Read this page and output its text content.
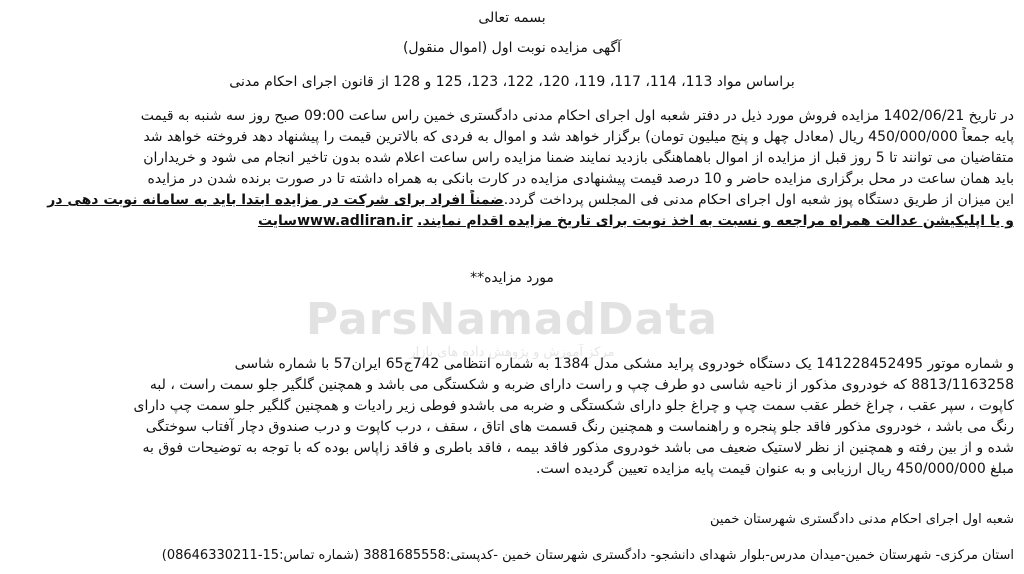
بسمه تعالی
آگهی مزایده نوبت اول (اموال منقول)
براساس مواد 113، 114، 117، 119، 120، 122، 123، 125 و 128 از قانون اجرای احکام مدنی
در تاریخ 1402/06/21 مزایده فروش مورد ذیل در دفتر شعبه اول اجرای احکام مدنی دادگستری خمین راس ساعت 09:00 صبح روز سه شنبه به قیمت
پایه جمعاً 450/000/000 ریال (معادل چهل و پنج میلیون تومان) برگزار خواهد شد و اموال به فردی که بالاترین قیمت را پیشنهاد دهد فروخته خواهد شد
متقاضیان می توانند تا 5 روز قبل از مزایده از اموال باهماهنگی بازدید نمایند ضمنا مزایده راس ساعت اعلام شده بدون تاخیر انجام می شود و خریداران
باید همان ساعت در محل برگزاری مزایده حاضر و 10 درصد قیمت پیشنهادی مزایده در کارت بانکی به همراه داشته تا در صورت برنده شدن در مزایده
این میزان از طریق دستگاه پوز شعبه اول اجرای احکام مدنی فی المجلس پرداخت گردد.ضمناً افراد برای شرکت در مزایده ابتدا باید به سامانه نوبت دهی در
و یا اپلیکیشن عدالت همراه مراجعه و نسبت به اخذ نوبت برای تاریخ مزایده اقدام نمایند. www.adliran.irسایت
مورد مزایده**
ParsNamadData
مرکز آموزش و پژوهش داده های بازار
و شماره موتور 141228452495 یک دستگاه خودروی پراید مشکی مدل 1384 به شماره انتظامی 742ج65 ایران57 با شماره شاسی
8813/1163258 که خودروی مذکور از ناحیه شاسی دو طرف چپ و راست دارای ضربه و شکستگی می باشد و همچنین گلگیر جلو سمت راست ، لبه
کاپوت ، سپر عقب ، چراغ خطر عقب سمت چپ و چراغ جلو دارای شکستگی و ضربه می باشدو فوطی زیر رادیات و همچنین گلگیر جلو سمت چپ دارای
رنگ می باشد ، خودروی مذکور فاقد جلو پنجره و راهنماست و همچنین رنگ قسمت های اتاق ، سقف ، درب کاپوت و درب صندوق دچار آفتاب سوختگی
شده و از بین رفته و همچنین از نظر لاستیک ضعیف می باشد خودروی مذکور فاقد بیمه ، فاقد باطری و فاقد زاپاس بوده که با توجه به توضیحات فوق به
مبلغ 450/000/000 ریال ارزیابی و به عنوان قیمت پایه مزایده تعیین گردیده است.
شعبه اول اجرای احکام مدنی دادگستری شهرستان خمین
استان مرکزی- شهرستان خمین-میدان مدرس-بلوار شهدای دانشجو- دادگستری شهرستان خمین -کدپستی:3881685558 (شماره تماس:15-08646330211)
